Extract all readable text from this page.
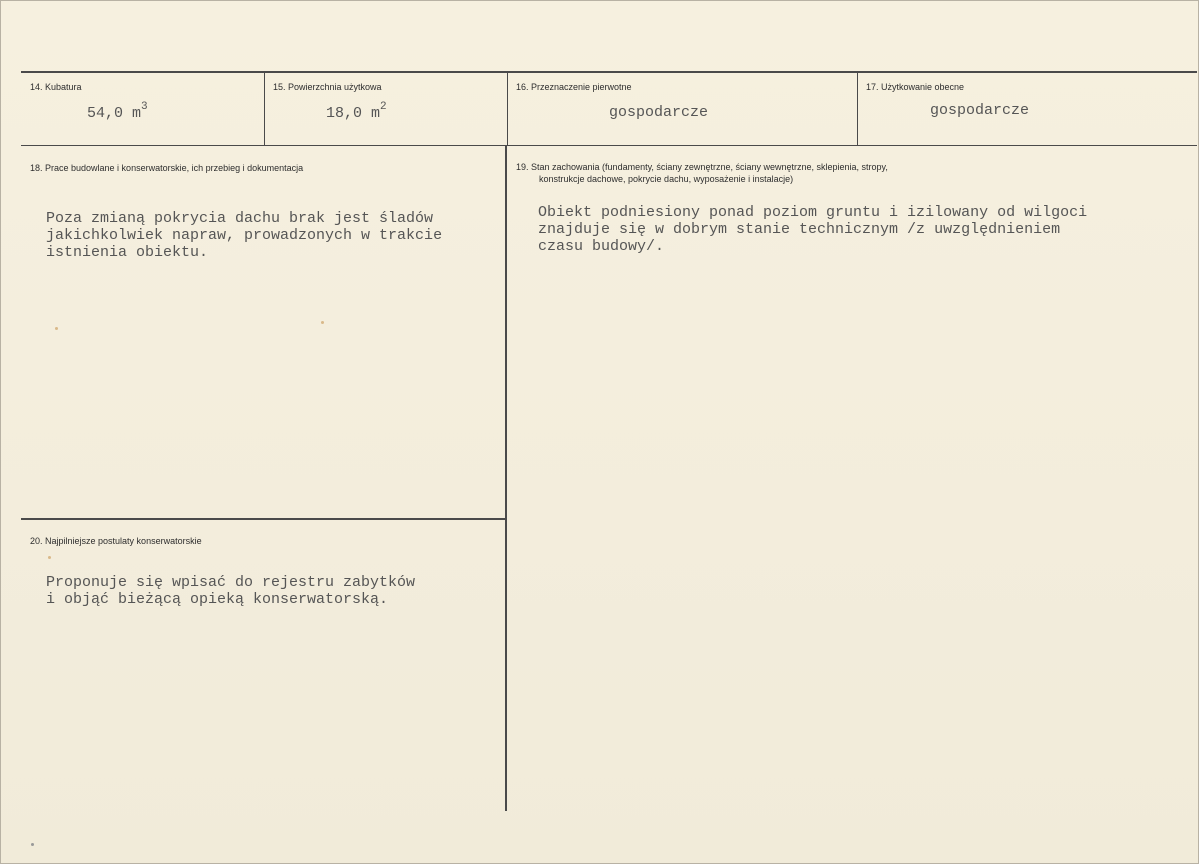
14. Kubatura
54,0 $m^3$
15. Powierzchnia użytkowa
18,0 $m^2$
16. Przeznaczenie pierwotne
gospodarcze
17. Użytkowanie obecne
gospodarcze
18. Prace budowlane i konserwatorskie, ich przebieg i dokumentacja
Poza zmianą pokrycia dachu brak jest śladów
jakichkolwiek napraw, prowadzonych w trakcie
istnienia obiektu.
19. Stan zachowania (fundamenty, ściany zewnętrzne, ściany wewnętrzne, sklepienia, stropy,
konstrukcje dachowe, pokrycie dachu, wyposażenie i instalacje)
Obiekt podniesiony ponad poziom gruntu i izilowany od wilgoci
znajduje się w dobrym stanie technicznym /z uwzględnieniem
czasu budowy/.
20. Najpilniejsze postulaty konserwatorskie
Proponuje się wpisać do rejestru zabytków
i objąć bieżącą opieką konserwatorską.
